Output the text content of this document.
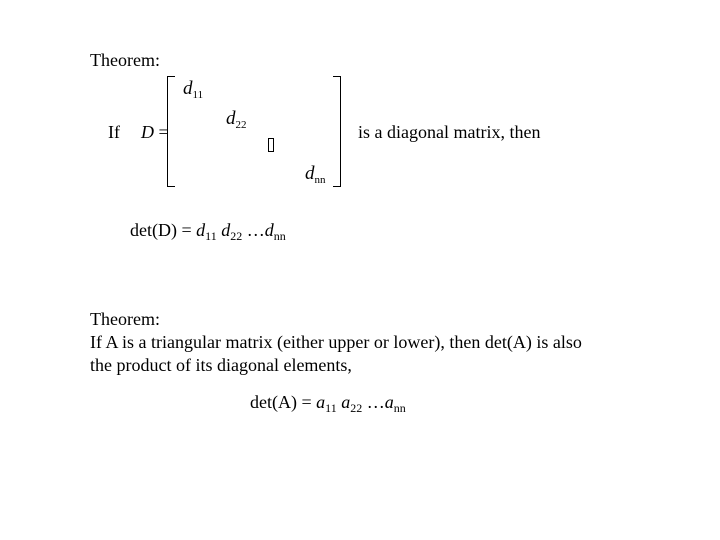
Theorem:
If D =
$d_{11}$
$d_{22}$
$d_{nn}$
is a diagonal matrix, then
$\det(D) = d_{11}$ $d_{22}$ $\dots d_{nn}$
Theorem:
If A is a triangular matrix (either upper or lower), then det(A) is also
the product of its diagonal elements,
$\det(A) = a_{11}$ $a_{22}$ $\dots a_{nn}$
